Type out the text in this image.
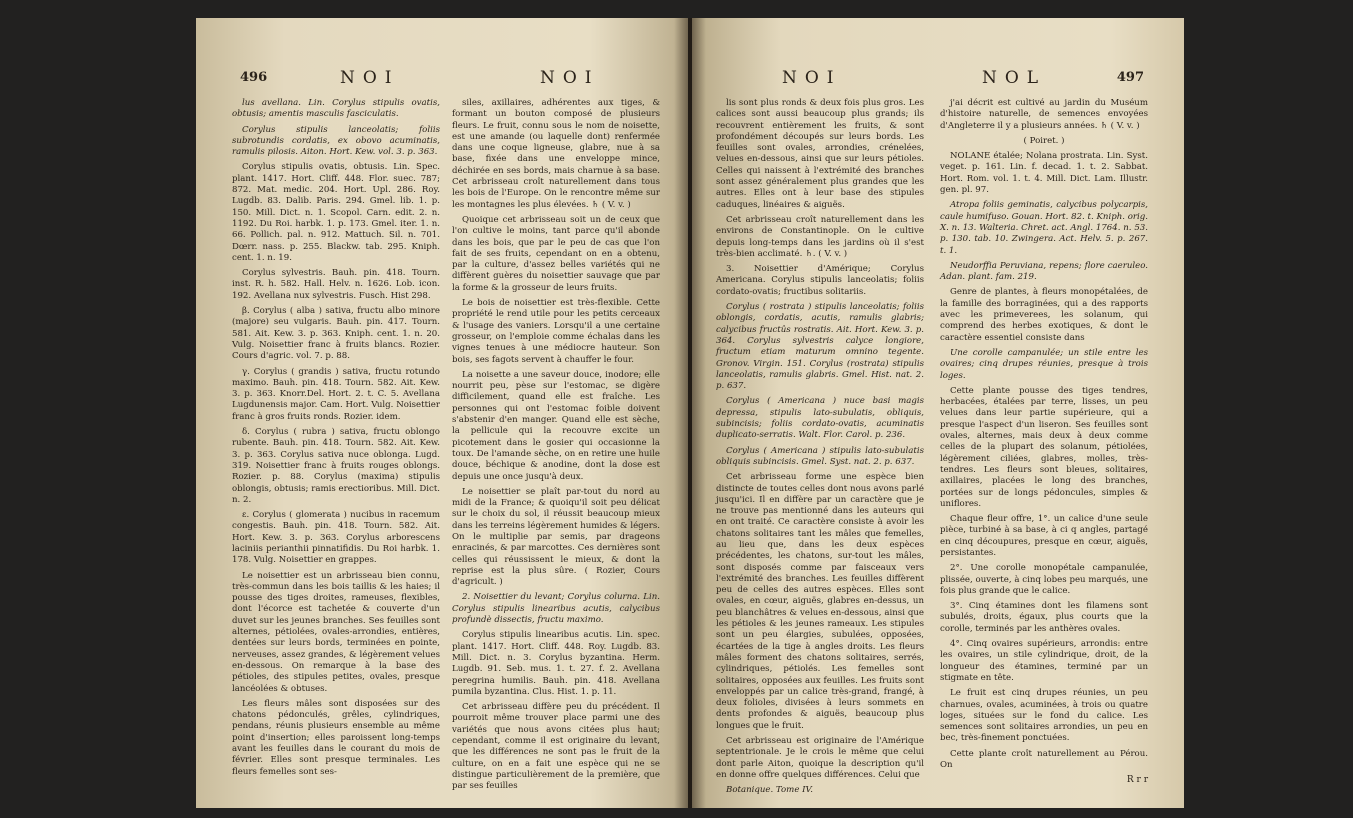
496	NOI	NOI

lus avellana. Lin. Corylus stipulis ovatis, obtusis; amentis masculis fasciculatis.

Corylus stipulis lanceolatis; foliis subrotundis cordatis, ex obovo acuminatis, ramulis pilosis. Aiton. Hort. Kew. vol. 3. p. 363.

Corylus stipulis ovatis, obtusis. Lin. Spec. plant. 1417. Hort. Cliff. 448. Flor. suec. 787; 872. Mat. medic. 204. Hort. Upl. 286. Roy. Lugdb. 83. Dalib. Paris. 294. Gmel. lib. 1. p. 150. Mill. Dict. n. 1. Scopol. Carn. edit. 2. n. 1192. Du Roi. harbk. 1. p. 173. Gmel. iter. 1. n. 66. Pollich. pal. n. 912. Mattuch. Sil. n. 701. Dœrr. nass. p. 255. Blackw. tab. 295. Kniph. cent. 1. n. 19.

Corylus sylvestris. Bauh. pin. 418. Tourn. inst. R. h. 582. Hall. Helv. n. 1626. Lob. icon. 192. Avellana nux sylvestris. Fusch. Hist 298.

β. Corylus ( alba ) sativa, fructu albo minore (majore) seu vulgaris. Bauh. pin. 417. Tourn. 581. Ait. Kew. 3. p. 363. Kniph. cent. 1. n. 20. Vulg. Noisettier franc à fruits blancs. Rozier. Cours d'agric. vol. 7. p. 88.

γ. Corylus ( grandis ) sativa, fructu rotundo maximo. Bauh. pin. 418. Tourn. 582. Ait. Kew. 3. p. 363. Knorr.Del. Hort. 2. t. C. 5. Avellana Lugdunensis major. Cam. Hort. Vulg. Noisettier franc à gros fruits ronds. Rozier. idem.

δ. Corylus ( rubra ) sativa, fructu oblongo rubente. Bauh. pin. 418. Tourn. 582. Ait. Kew. 3. p. 363. Corylus sativa nuce oblonga. Lugd. 319. Noisettier franc à fruits rouges oblongs. Rozier. p. 88. Corylus (maxima) stipulis oblongis, obtusis; ramis erectioribus. Mill. Dict. n. 2.

ε. Corylus ( glomerata ) nucibus in racemum congestis. Bauh. pin. 418. Tourn. 582. Ait. Hort. Kew. 3. p. 363. Corylus arborescens laciniis perianthii pinnatifidis. Du Roi harbk. 1. 178. Vulg. Noisettier en grappes.

Le noisettier est un arbrisseau bien connu, très-commun dans les bois taillis & les haies; il pousse des tiges droites, rameuses, flexibles, dont l'écorce est tachetée & couverte d'un duvet sur les jeunes branches. Ses feuilles sont alternes, pétiolées, ovales-arrondies, entières, dentées sur leurs bords, terminées en pointe, nerveuses, assez grandes, & légèrement velues en-dessous. On remarque à la base des pétioles, des stipules petites, ovales, presque lancéolées & obtuses.

Les fleurs mâles sont disposées sur des chatons pédonculés, grêles, cylindriques, pendans, réunis plusieurs ensemble au même point d'insertion; elles paroissent long-temps avant les feuilles dans le courant du mois de février. Elles sont presque terminales. Les fleurs femelles sont ses-

siles, axillaires, adhérentes aux tiges, & formant un bouton composé de plusieurs fleurs. Le fruit, connu sous le nom de noisette, est une amande (ou laquelle dont) renfermée dans une coque ligneuse, glabre, nue à sa base, fixée dans une enveloppe mince, déchirée en ses bords, mais charnue à sa base. Cet arbrisseau croît naturellement dans tous les bois de l'Europe. On le rencontre même sur les montagnes les plus élevées. ♄ ( V. v. )

Quoique cet arbrisseau soit un de ceux que l'on cultive le moins, tant parce qu'il abonde dans les bois, que par le peu de cas que l'on fait de ses fruits, cependant on en a obtenu, par la culture, d'assez belles variétés qui ne diffèrent guères du noisettier sauvage que par la forme & la grosseur de leurs fruits.

Le bois de noisettier est très-flexible. Cette propriété le rend utile pour les petits cerceaux & l'usage des vaniers. Lorsqu'il a une certaine grosseur, on l'emploie comme échalas dans les vignes tenues à une médiocre hauteur. Son bois, ses fagots servent à chauffer le four.

La noisette a une saveur douce, inodore; elle nourrit peu, pèse sur l'estomac, se digère difficilement, quand elle est fraîche. Les personnes qui ont l'estomac foible doivent s'abstenir d'en manger. Quand elle est sèche, la pellicule qui la recouvre excite un picotement dans le gosier qui occasionne la toux. De l'amande sèche, on en retire une huile douce, béchique & anodine, dont la dose est depuis une once jusqu'à deux.

Le noisettier se plaît par-tout du nord au midi de la France; & quoiqu'il soit peu délicat sur le choix du sol, il réussit beaucoup mieux dans les terreins légèrement humides & légers. On le multiplie par semis, par drageons enracinés, & par marcottes. Ces dernières sont celles qui réussissent le mieux, & dont la reprise est la plus sûre. ( Rozier, Cours d'agricult. )

2. Noisettier du levant; Corylus colurna. Lin. Corylus stipulis linearibus acutis, calycibus profundè dissectis, fructu maximo.

Corylus stipulis linearibus acutis. Lin. spec. plant. 1417. Hort. Cliff. 448. Roy. Lugdb. 83. Mill. Dict. n. 3. Corylus byzantina. Herm. Lugdb. 91. Seb. mus. 1. t. 27. f. 2. Avellana peregrina humilis. Bauh. pin. 418. Avellana pumila byzantina. Clus. Hist. 1. p. 11.

Cet arbrisseau diffère peu du précédent. Il pourroit même trouver place parmi une des variétés que nous avons citées plus haut; cependant, comme il est originaire du levant, que les différences ne sont pas le fruit de la culture, on en a fait une espèce qui ne se distingue particulièrement de la première, que par ses feuilles

NOI	NOL	497

lis sont plus ronds & deux fois plus gros. Les calices sont aussi beaucoup plus grands; ils recouvrent entièrement les fruits, & sont profondément découpés sur leurs bords. Les feuilles sont ovales, arrondies, crénelées, velues en-dessous, ainsi que sur leurs pétioles. Celles qui naissent à l'extrémité des branches sont assez généralement plus grandes que les autres. Elles ont à leur base des stipules caduques, linéaires & aiguës.

Cet arbrisseau croît naturellement dans les environs de Constantinople. On le cultive depuis long-temps dans les jardins où il s'est très-bien acclimaté. ♄. ( V. v. )

3. Noisettier d'Amérique; Corylus Americana. Corylus stipulis lanceolatis; foliis cordato-ovatis; fructibus solitariis.

Corylus ( rostrata ) stipulis lanceolatis; foliis oblongis, cordatis, acutis, ramulis glabris; calycibus fructûs rostratis. Ait. Hort. Kew. 3. p. 364. Corylus sylvestris calyce longiore, fructum etiam maturum omnino tegente. Gronov. Virgin. 151. Corylus (rostrata) stipulis lanceolatis, ramulis glabris. Gmel. Hist. nat. 2. p. 637.

Corylus ( Americana ) nuce basi magis depressa, stipulis lato-subulatis, obliquis, subincisis; foliis cordato-ovatis, acuminatis duplicato-serratis. Walt. Flor. Carol. p. 236.

Corylus ( Americana ) stipulis lato-subulatis obliquis subincisis. Gmel. Syst. nat. 2. p. 637.

Cet arbrisseau forme une espèce bien distincte de toutes celles dont nous avons parlé jusqu'ici. Il en diffère par un caractère que je ne trouve pas mentionné dans les auteurs qui en ont traité. Ce caractère consiste à avoir les chatons solitaires tant les mâles que femelles, au lieu que, dans les deux espèces précédentes, les chatons, sur-tout les mâles, sont disposés comme par faisceaux vers l'extrémité des branches. Les feuilles diffèrent peu de celles des autres espèces. Elles sont ovales, en cœur, aiguës, glabres en-dessus, un peu blanchâtres & velues en-dessous, ainsi que les pétioles & les jeunes rameaux. Les stipules sont un peu élargies, subulées, opposées, écartées de la tige à angles droits. Les fleurs mâles forment des chatons solitaires, serrés, cylindriques, pétiolés. Les femelles sont solitaires, opposées aux feuilles. Les fruits sont enveloppés par un calice très-grand, frangé, à deux folioles, divisées à leurs sommets en dents profondes & aiguës, beaucoup plus longues que le fruit.

Cet arbrisseau est originaire de l'Amérique septentrionale. Je le crois le même que celui dont parle Aiton, quoique la description qu'il en donne offre quelques différences. Celui que

Botanique. Tome IV.

j'ai décrit est cultivé au jardin du Muséum d'histoire naturelle, de semences envoyées d'Angleterre il y a plusieurs années. ♄ ( V. v. )

( Poiret. )

NOLANE étalée; Nolana prostrata. Lin. Syst. veget. p. 161. Lin. f. decad. 1. t. 2. Sabbat. Hort. Rom. vol. 1. t. 4. Mill. Dict. Lam. Illustr. gen. pl. 97.

Atropa foliis geminatis, calycibus polycarpis, caule humifuso. Gouan. Hort. 82. t. Kniph. orig. X. n. 13. Walteria. Chret. act. Angl. 1764. n. 53. p. 130. tab. 10. Zwingera. Act. Helv. 5. p. 267. t. 1.

Neudorffia Peruviana, repens; flore caeruleo. Adan. plant. fam. 219.

Genre de plantes, à fleurs monopétalées, de la famille des borraginées, qui a des rapports avec les primeverees, les solanum, qui comprend des herbes exotiques, & dont le caractère essentiel consiste dans

Une corolle campanulée; un stile entre les ovaires; cinq drupes réunies, presque à trois loges.

Cette plante pousse des tiges tendres, herbacées, étalées par terre, lisses, un peu velues dans leur partie supérieure, qui a presque l'aspect d'un liseron. Ses feuilles sont ovales, alternes, mais deux à deux comme celles de la plupart des solanum, pétiolées, légèrement ciliées, glabres, molles, très-tendres. Les fleurs sont bleues, solitaires, axillaires, placées le long des branches, portées sur de longs pédoncules, simples & uniflores.

Chaque fleur offre, 1°. un calice d'une seule pièce, turbiné à sa base, à ci q angles, partagé en cinq découpures, presque en cœur, aiguës, persistantes.

2°. Une corolle monopétale campanulée, plissée, ouverte, à cinq lobes peu marqués, une fois plus grande que le calice.

3°. Cinq étamines dont les filamens sont subulés, droits, égaux, plus courts que la corolle, terminés par les anthères ovales.

4°. Cinq ovaires supérieurs, arrondis: entre les ovaires, un stile cylindrique, droit, de la longueur des étamines, terminé par un stigmate en tête.

Le fruit est cinq drupes réunies, un peu charnues, ovales, acuminées, à trois ou quatre loges, situées sur le fond du calice. Les semences sont solitaires arrondies, un peu en bec, très-finement ponctuées.

Cette plante croît naturellement au Pérou. On

R r r
